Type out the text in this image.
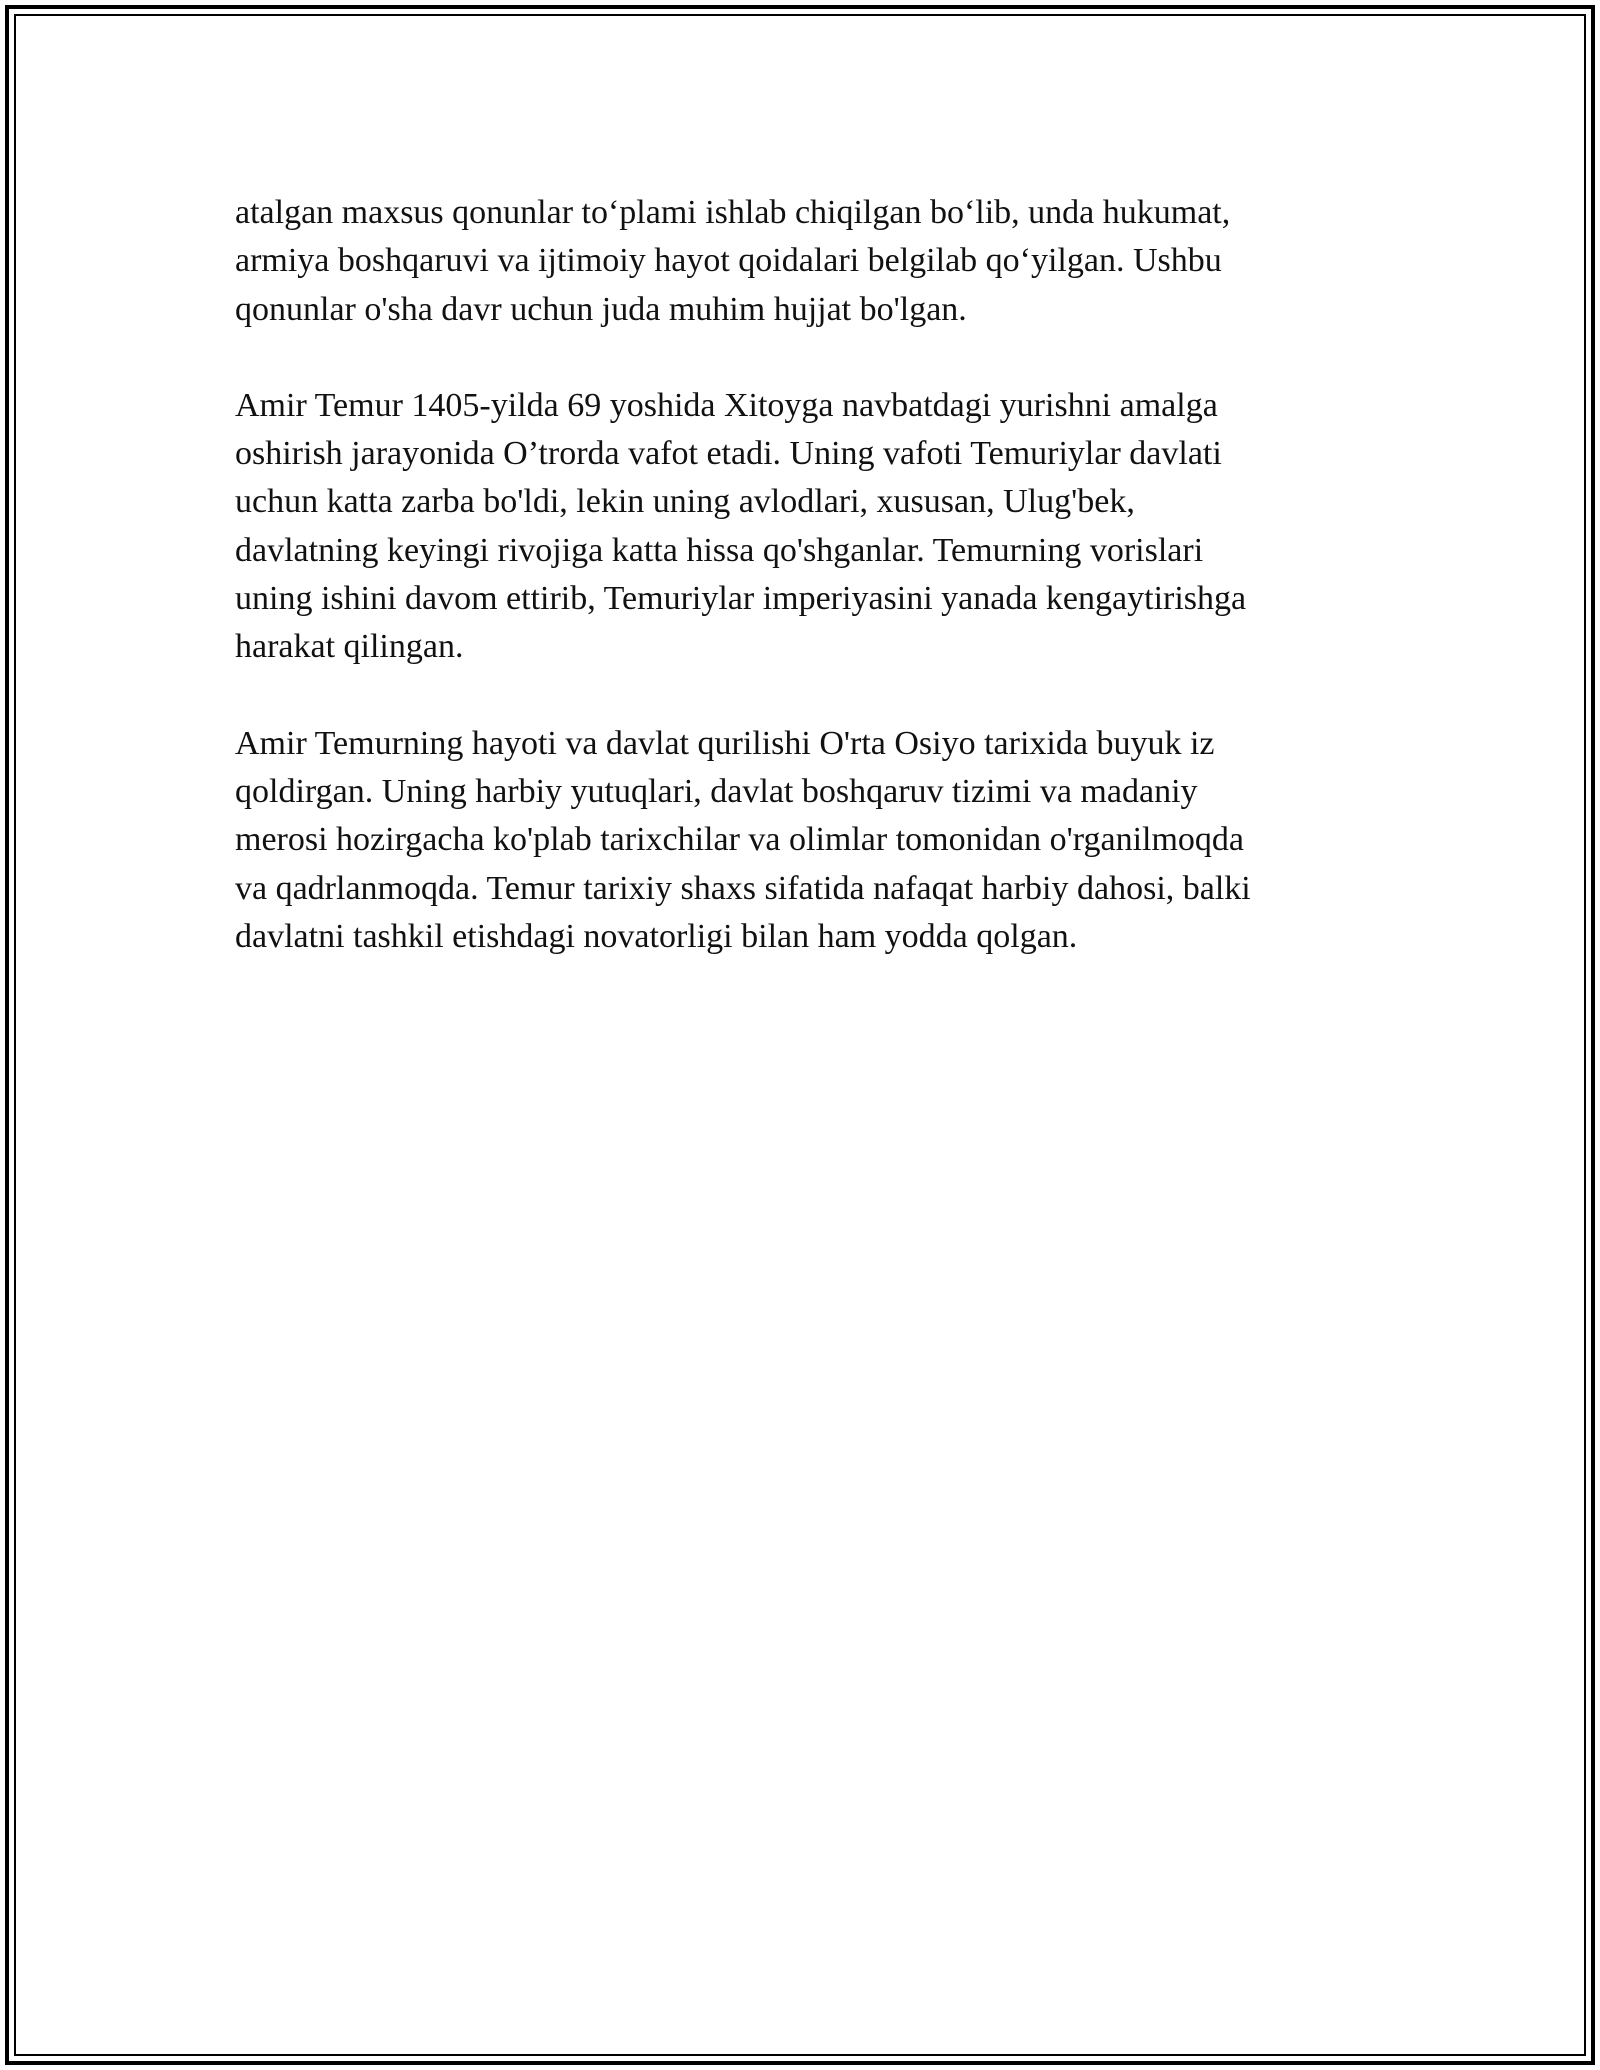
atalgan maxsus qonunlar to‘plami ishlab chiqilgan bo‘lib, unda hukumat,
armiya boshqaruvi va ijtimoiy hayot qoidalari belgilab qo‘yilgan. Ushbu
qonunlar o'sha davr uchun juda muhim hujjat bo'lgan.

Amir Temur 1405-yilda 69 yoshida Xitoyga navbatdagi yurishni amalga
oshirish jarayonida O’trorda vafot etadi. Uning vafoti Temuriylar davlati
uchun katta zarba bo'ldi, lekin uning avlodlari, xususan, Ulug'bek,
davlatning keyingi rivojiga katta hissa qo'shganlar. Temurning vorislari
uning ishini davom ettirib, Temuriylar imperiyasini yanada kengaytirishga
harakat qilingan.

Amir Temurning hayoti va davlat qurilishi O'rta Osiyo tarixida buyuk iz
qoldirgan. Uning harbiy yutuqlari, davlat boshqaruv tizimi va madaniy
merosi hozirgacha ko'plab tarixchilar va olimlar tomonidan o'rganilmoqda
va qadrlanmoqda. Temur tarixiy shaxs sifatida nafaqat harbiy dahosi, balki
davlatni tashkil etishdagi novatorligi bilan ham yodda qolgan.
